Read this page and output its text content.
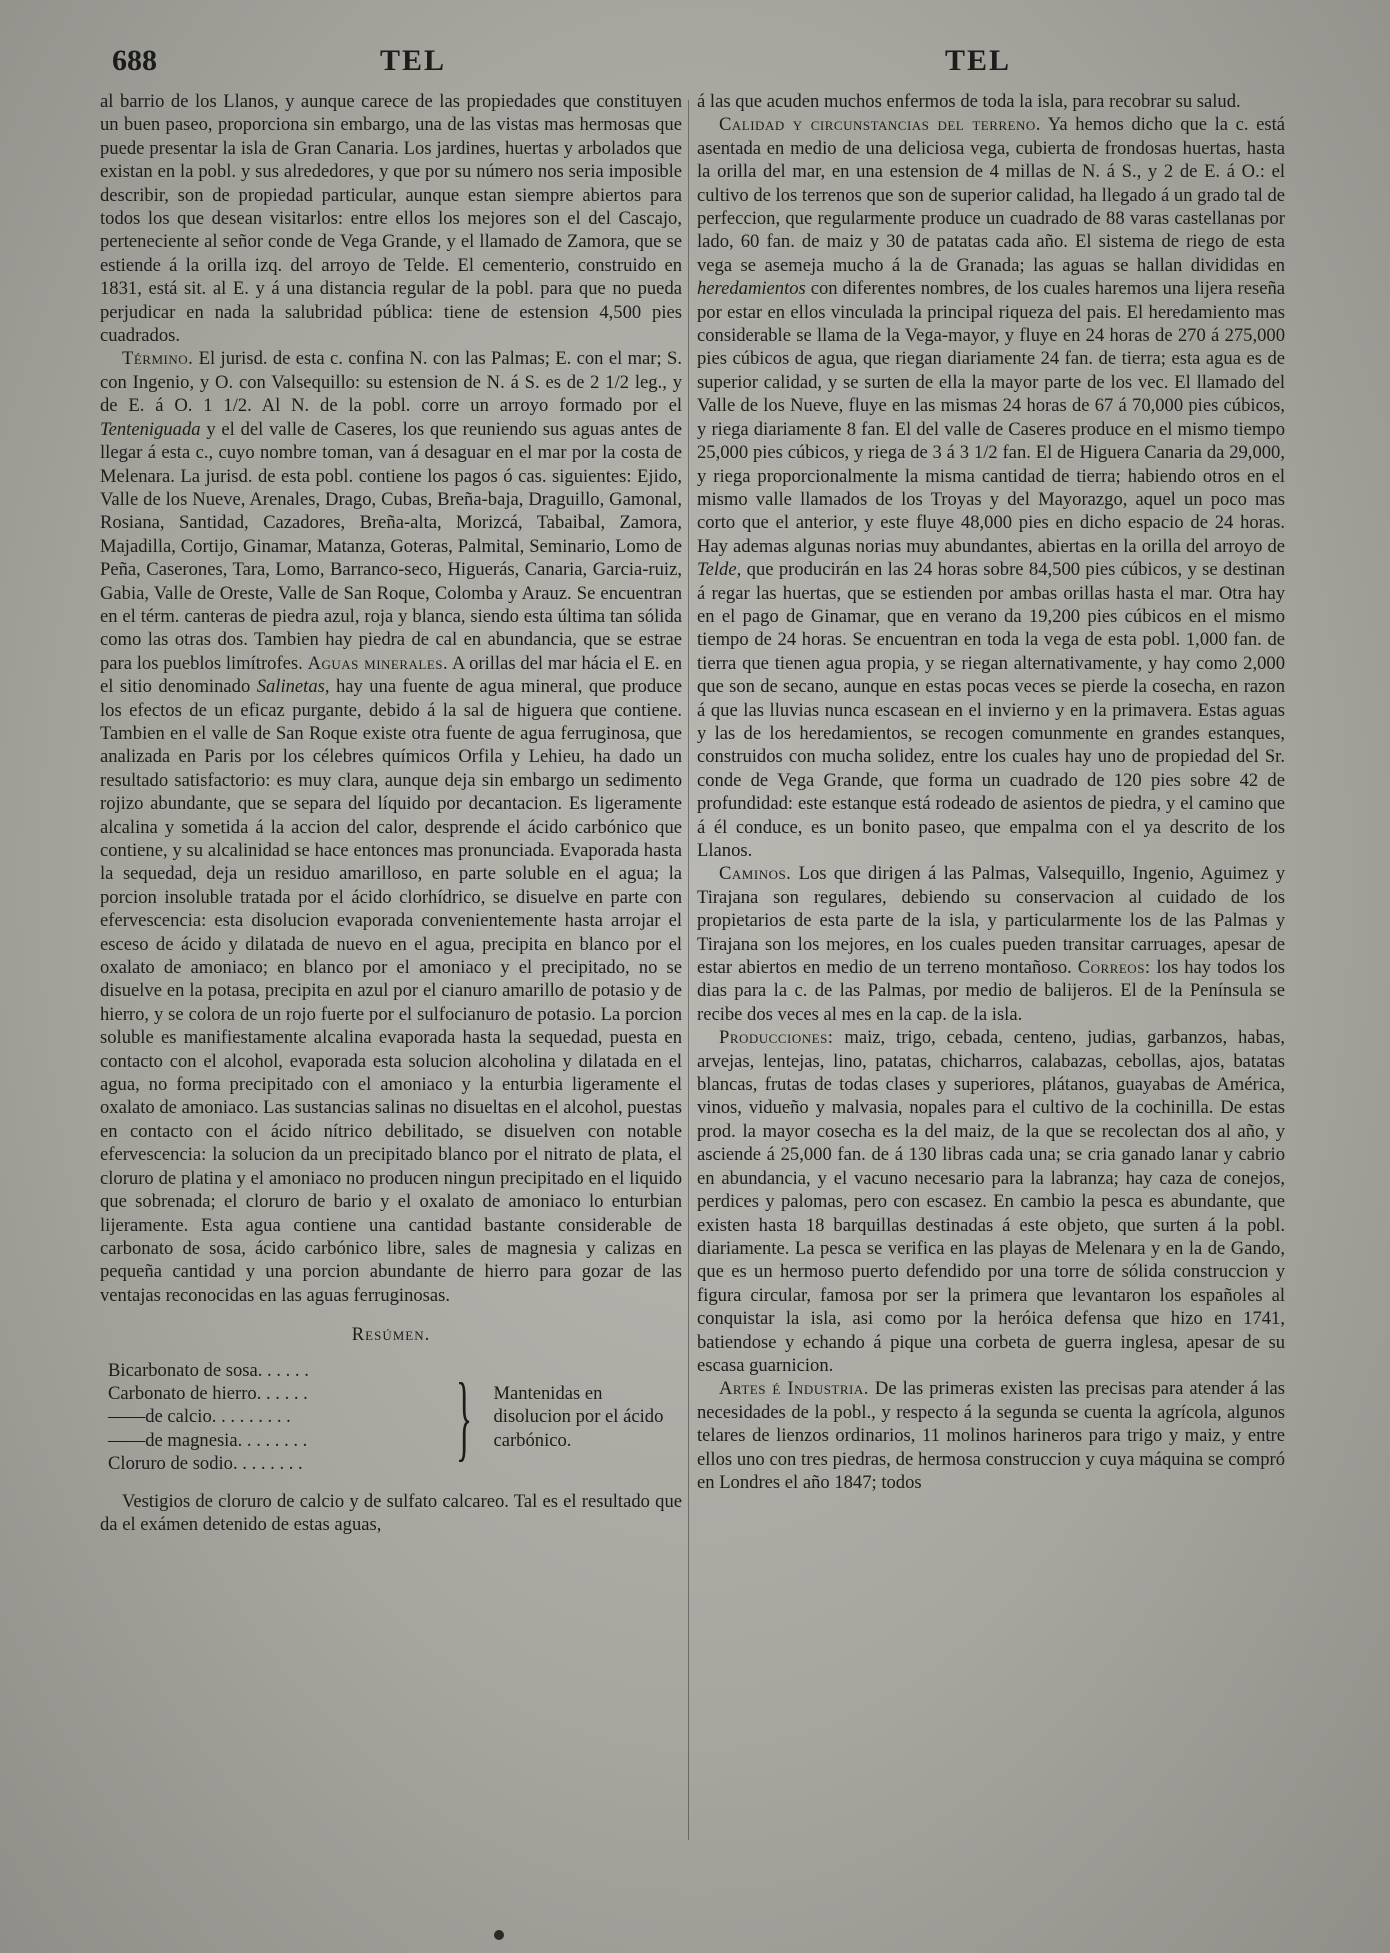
688	TEL	TEL

al barrio de los Llanos, y aunque carece de las propiedades que constituyen un buen paseo, proporciona sin embargo, una de las vistas mas hermosas que puede presentar la isla de Gran Canaria. Los jardines, huertas y arbolados que existan en la pobl. y sus alrededores, y que por su número nos seria imposible describir, son de propiedad particular, aunque estan siempre abiertos para todos los que desean visitarlos: entre ellos los mejores son el del Cascajo, perteneciente al señor conde de Vega Grande, y el llamado de Zamora, que se estiende á la orilla izq. del arroyo de Telde. El cementerio, construido en 1831, está sit. al E. y á una distancia regular de la pobl. para que no pueda perjudicar en nada la salubridad pública: tiene de estension 4,500 pies cuadrados.

Término. El jurisd. de esta c. confina N. con las Palmas; E. con el mar; S. con Ingenio, y O. con Valsequillo: su estension de N. á S. es de 2 1/2 leg., y de E. á O. 1 1/2. Al N. de la pobl. corre un arroyo formado por el Tenteniguada y el del valle de Caseres, los que reuniendo sus aguas antes de llegar á esta c., cuyo nombre toman, van á desaguar en el mar por la costa de Melenara. La jurisd. de esta pobl. contiene los pagos ó cas. siguientes: Ejido, Valle de los Nueve, Arenales, Drago, Cubas, Breña-baja, Draguillo, Gamonal, Rosiana, Santidad, Cazadores, Breña-alta, Morizcá, Tabaibal, Zamora, Majadilla, Cortijo, Ginamar, Matanza, Goteras, Palmital, Seminario, Lomo de Peña, Caserones, Tara, Lomo, Barranco-seco, Higuerás, Canaria, Garcia-ruiz, Gabia, Valle de Oreste, Valle de San Roque, Colomba y Arauz. Se encuentran en el térm. canteras de piedra azul, roja y blanca, siendo esta última tan sólida como las otras dos. Tambien hay piedra de cal en abundancia, que se estrae para los pueblos limítrofes. Aguas minerales. A orillas del mar hácia el E. en el sitio denominado Salinetas, hay una fuente de agua mineral, que produce los efectos de un eficaz purgante, debido á la sal de higuera que contiene. Tambien en el valle de San Roque existe otra fuente de agua ferruginosa, que analizada en Paris por los célebres químicos Orfila y Lehieu, ha dado un resultado satisfactorio: es muy clara, aunque deja sin embargo un sedimento rojizo abundante, que se separa del líquido por decantacion. Es ligeramente alcalina y sometida á la accion del calor, desprende el ácido carbónico que contiene, y su alcalinidad se hace entonces mas pronunciada. Evaporada hasta la sequedad, deja un residuo amarilloso, en parte soluble en el agua; la porcion insoluble tratada por el ácido clorhídrico, se disuelve en parte con efervescencia: esta disolucion evaporada convenientemente hasta arrojar el esceso de ácido y dilatada de nuevo en el agua, precipita en blanco por el oxalato de amoniaco; en blanco por el amoniaco y el precipitado, no se disuelve en la potasa, precipita en azul por el cianuro amarillo de potasio y de hierro, y se colora de un rojo fuerte por el sulfocianuro de potasio. La porcion soluble es manifiestamente alcalina evaporada hasta la sequedad, puesta en contacto con el alcohol, evaporada esta solucion alcoholina y dilatada en el agua, no forma precipitado con el amoniaco y la enturbia ligeramente el oxalato de amoniaco. Las sustancias salinas no disueltas en el alcohol, puestas en contacto con el ácido nítrico debilitado, se disuelven con notable efervescencia: la solucion da un precipitado blanco por el nitrato de plata, el cloruro de platina y el amoniaco no producen ningun precipitado en el liquido que sobrenada; el cloruro de bario y el oxalato de amoniaco lo enturbian lijeramente. Esta agua contiene una cantidad bastante considerable de carbonato de sosa, ácido carbónico libre, sales de magnesia y calizas en pequeña cantidad y una porcion abundante de hierro para gozar de las ventajas reconocidas en las aguas ferruginosas.

Resúmen.
Bicarbonato de sosa. . . . . .
Carbonato de hierro. . . . . .
——de calcio. . . . . . . . .
——de magnesia. . . . . . . .
Cloruro de sodio. . . . . . . .	} Mantenidas en disolucion por el ácido carbónico.

Vestigios de cloruro de calcio y de sulfato calcareo. Tal es el resultado que da el exámen detenido de estas aguas,

á las que acuden muchos enfermos de toda la isla, para recobrar su salud.

Calidad y circunstancias del terreno. Ya hemos dicho que la c. está asentada en medio de una deliciosa vega, cubierta de frondosas huertas, hasta la orilla del mar, en una estension de 4 millas de N. á S., y 2 de E. á O.: el cultivo de los terrenos que son de superior calidad, ha llegado á un grado tal de perfeccion, que regularmente produce un cuadrado de 88 varas castellanas por lado, 60 fan. de maiz y 30 de patatas cada año. El sistema de riego de esta vega se asemeja mucho á la de Granada; las aguas se hallan divididas en heredamientos con diferentes nombres, de los cuales haremos una lijera reseña por estar en ellos vinculada la principal riqueza del pais. El heredamiento mas considerable se llama de la Vega-mayor, y fluye en 24 horas de 270 á 275,000 pies cúbicos de agua, que riegan diariamente 24 fan. de tierra; esta agua es de superior calidad, y se surten de ella la mayor parte de los vec. El llamado del Valle de los Nueve, fluye en las mismas 24 horas de 67 á 70,000 pies cúbicos, y riega diariamente 8 fan. El del valle de Caseres produce en el mismo tiempo 25,000 pies cúbicos, y riega de 3 á 3 1/2 fan. El de Higuera Canaria da 29,000, y riega proporcionalmente la misma cantidad de tierra; habiendo otros en el mismo valle llamados de los Troyas y del Mayorazgo, aquel un poco mas corto que el anterior, y este fluye 48,000 pies en dicho espacio de 24 horas. Hay ademas algunas norias muy abundantes, abiertas en la orilla del arroyo de Telde, que producirán en las 24 horas sobre 84,500 pies cúbicos, y se destinan á regar las huertas, que se estienden por ambas orillas hasta el mar. Otra hay en el pago de Ginamar, que en verano da 19,200 pies cúbicos en el mismo tiempo de 24 horas. Se encuentran en toda la vega de esta pobl. 1,000 fan. de tierra que tienen agua propia, y se riegan alternativamente, y hay como 2,000 que son de secano, aunque en estas pocas veces se pierde la cosecha, en razon á que las lluvias nunca escasean en el invierno y en la primavera. Estas aguas y las de los heredamientos, se recogen comunmente en grandes estanques, construidos con mucha solidez, entre los cuales hay uno de propiedad del Sr. conde de Vega Grande, que forma un cuadrado de 120 pies sobre 42 de profundidad: este estanque está rodeado de asientos de piedra, y el camino que á él conduce, es un bonito paseo, que empalma con el ya descrito de los Llanos.

Caminos. Los que dirigen á las Palmas, Valsequillo, Ingenio, Aguimez y Tirajana son regulares, debiendo su conservacion al cuidado de los propietarios de esta parte de la isla, y particularmente los de las Palmas y Tirajana son los mejores, en los cuales pueden transitar carruages, apesar de estar abiertos en medio de un terreno montañoso. Correos: los hay todos los dias para la c. de las Palmas, por medio de balijeros. El de la Península se recibe dos veces al mes en la cap. de la isla.

Producciones: maiz, trigo, cebada, centeno, judias, garbanzos, habas, arvejas, lentejas, lino, patatas, chicharros, calabazas, cebollas, ajos, batatas blancas, frutas de todas clases y superiores, plátanos, guayabas de América, vinos, vidueño y malvasia, nopales para el cultivo de la cochinilla. De estas prod. la mayor cosecha es la del maiz, de la que se recolectan dos al año, y asciende á 25,000 fan. de á 130 libras cada una; se cria ganado lanar y cabrio en abundancia, y el vacuno necesario para la labranza; hay caza de conejos, perdices y palomas, pero con escasez. En cambio la pesca es abundante, que existen hasta 18 barquillas destinadas á este objeto, que surten á la pobl. diariamente. La pesca se verifica en las playas de Melenara y en la de Gando, que es un hermoso puerto defendido por una torre de sólida construccion y figura circular, famosa por ser la primera que levantaron los españoles al conquistar la isla, asi como por la heróica defensa que hizo en 1741, batiendose y echando á pique una corbeta de guerra inglesa, apesar de su escasa guarnicion.

Artes é Industria. De las primeras existen las precisas para atender á las necesidades de la pobl., y respecto á la segunda se cuenta la agrícola, algunos telares de lienzos ordinarios, 11 molinos harineros para trigo y maiz, y entre ellos uno con tres piedras, de hermosa construccion y cuya máquina se compró en Londres el año 1847; todos
